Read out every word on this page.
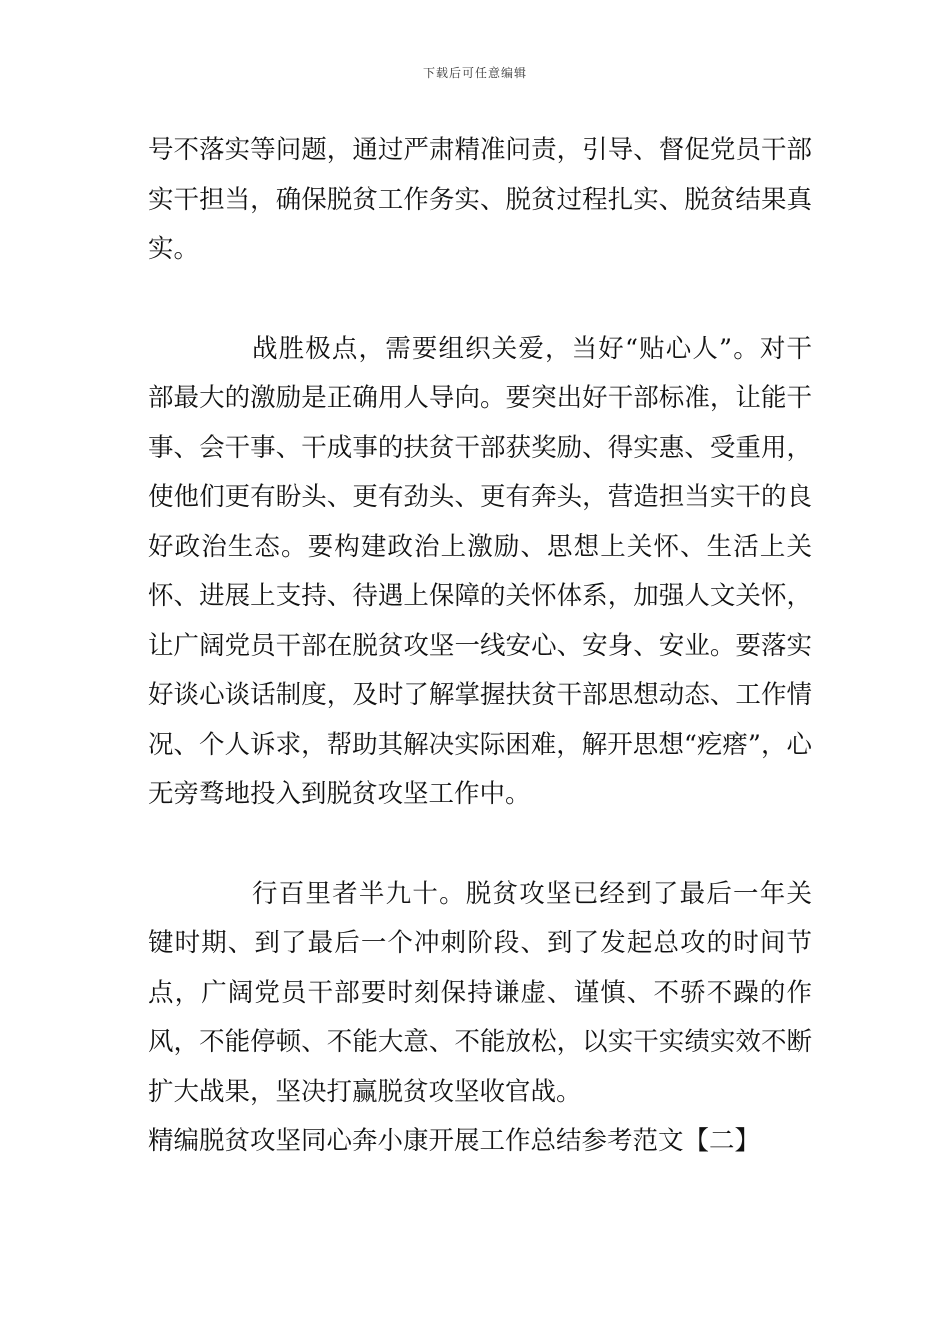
下载后可任意编辑

号不落实等问题，通过严肃精准问责，引导、督促党员干部实干担当，确保脱贫工作务实、脱贫过程扎实、脱贫结果真实。

战胜极点，需要组织关爱，当好“贴心人”。对干部最大的激励是正确用人导向。要突出好干部标准，让能干事、会干事、干成事的扶贫干部获奖励、得实惠、受重用，使他们更有盼头、更有劲头、更有奔头，营造担当实干的良好政治生态。要构建政治上激励、思想上关怀、生活上关怀、进展上支持、待遇上保障的关怀体系，加强人文关怀，让广阔党员干部在脱贫攻坚一线安心、安身、安业。要落实好谈心谈话制度，及时了解掌握扶贫干部思想动态、工作情况、个人诉求，帮助其解决实际困难，解开思想“疙瘩”，心无旁骛地投入到脱贫攻坚工作中。

行百里者半九十。脱贫攻坚已经到了最后一年关键时期、到了最后一个冲刺阶段、到了发起总攻的时间节点，广阔党员干部要时刻保持谦虚、谨慎、不骄不躁的作风，不能停顿、不能大意、不能放松，以实干实绩实效不断扩大战果，坚决打赢脱贫攻坚收官战。

精编脱贫攻坚同心奔小康开展工作总结参考范文【二】
